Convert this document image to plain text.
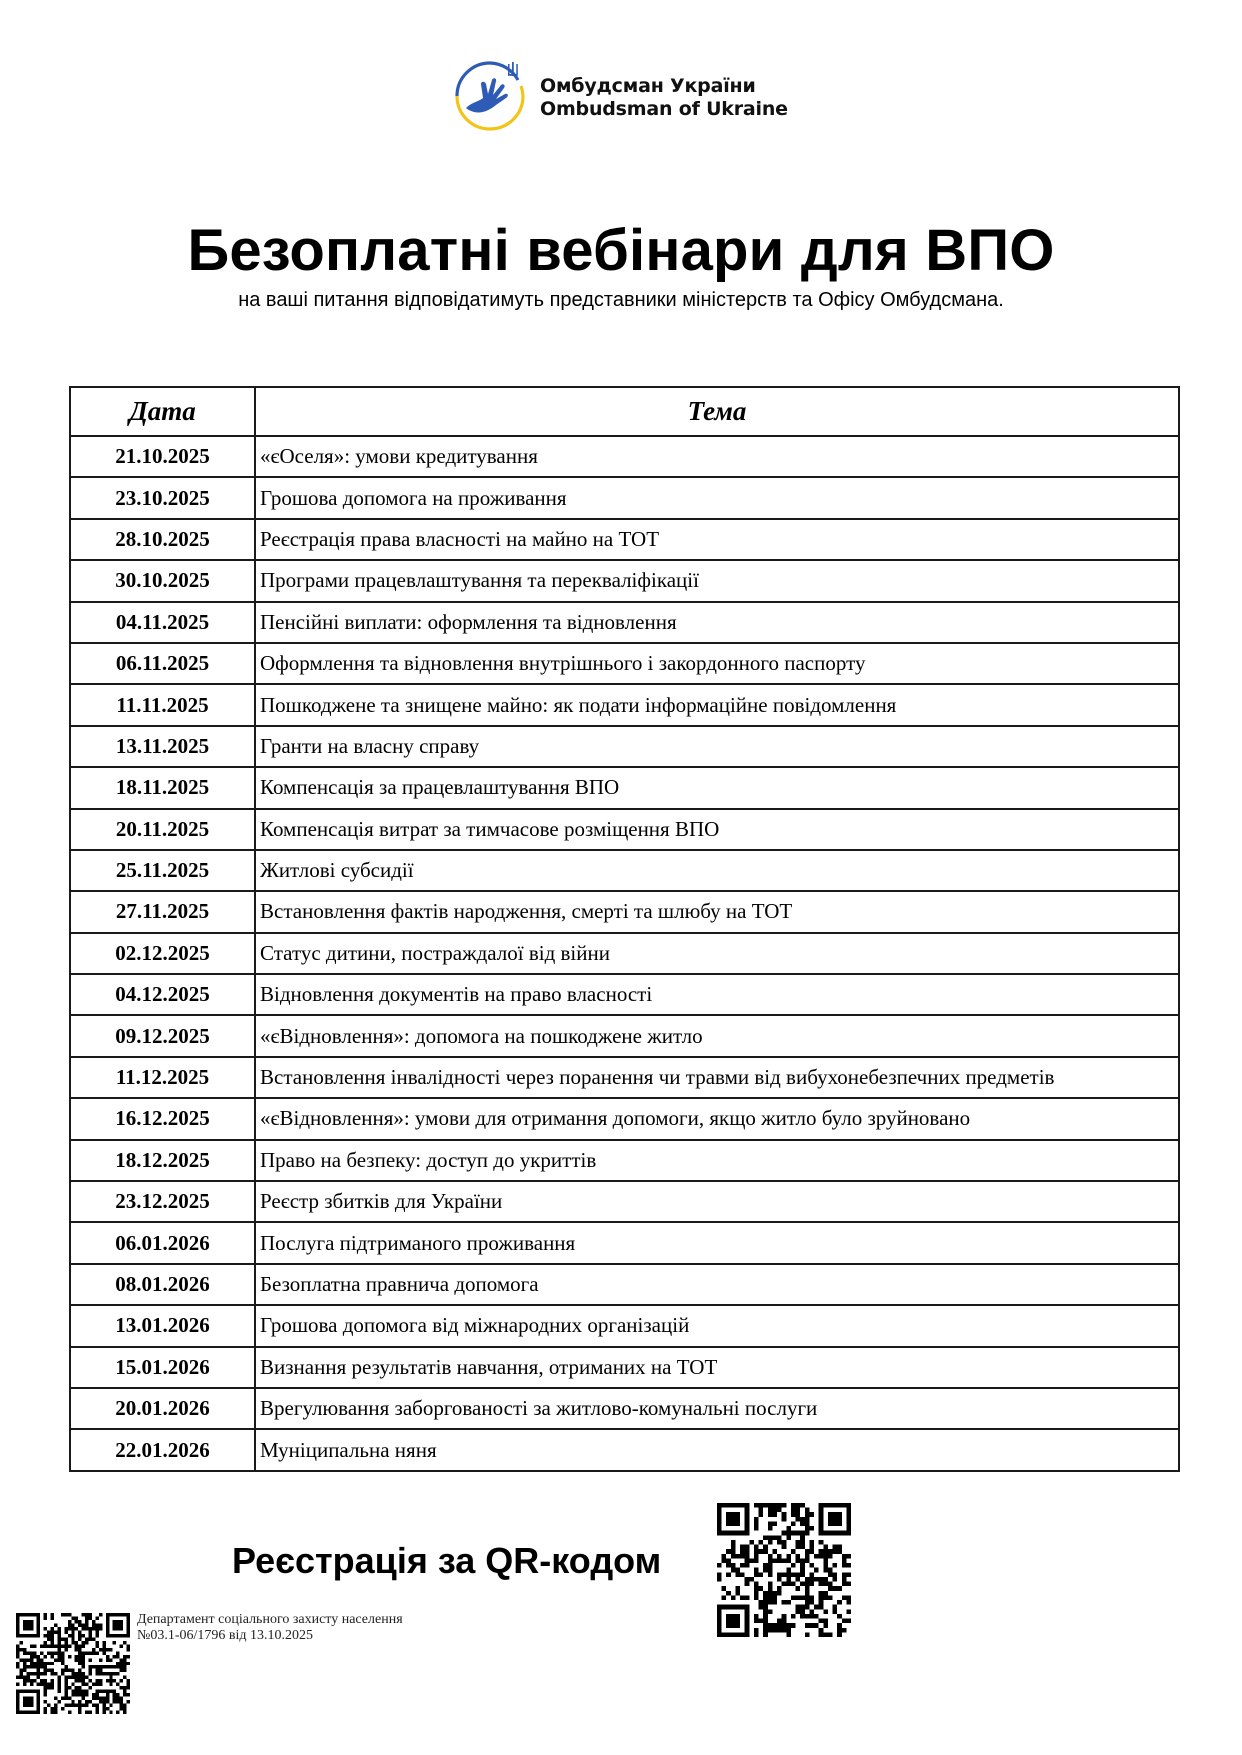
Омбудсман України
Ombudsman of Ukraine
Безоплатні вебінари для ВПО
на ваші питання відповідатимуть представники міністерств та Офісу Омбудсмана.
Дата	Тема
21.10.2025	«єОселя»: умови кредитування
23.10.2025	Грошова допомога на проживання
28.10.2025	Реєстрація права власності на майно на ТОТ
30.10.2025	Програми працевлаштування та перекваліфікації
04.11.2025	Пенсійні виплати: оформлення та відновлення
06.11.2025	Оформлення та відновлення внутрішнього і закордонного паспорту
11.11.2025	Пошкоджене та знищене майно: як подати інформаційне повідомлення
13.11.2025	Гранти на власну справу
18.11.2025	Компенсація за працевлаштування ВПО
20.11.2025	Компенсація витрат за тимчасове розміщення ВПО
25.11.2025	Житлові субсидії
27.11.2025	Встановлення фактів народження, смерті та шлюбу на ТОТ
02.12.2025	Статус дитини, постраждалої від війни
04.12.2025	Відновлення документів на право власності
09.12.2025	«єВідновлення»: допомога на пошкоджене житло
11.12.2025	Встановлення інвалідності через поранення чи травми від вибухонебезпечних предметів
16.12.2025	«єВідновлення»: умови для отримання допомоги, якщо житло було зруйновано
18.12.2025	Право на безпеку: доступ до укриттів
23.12.2025	Реєстр збитків для України
06.01.2026	Послуга підтриманого проживання
08.01.2026	Безоплатна правнича допомога
13.01.2026	Грошова допомога від міжнародних організацій
15.01.2026	Визнання результатів навчання, отриманих на ТОТ
20.01.2026	Врегулювання заборгованості за житлово-комунальні послуги
22.01.2026	Муніципальна няня
Реєстрація за QR-кодом
Департамент соціального захисту населення
№03.1-06/1796 від 13.10.2025
